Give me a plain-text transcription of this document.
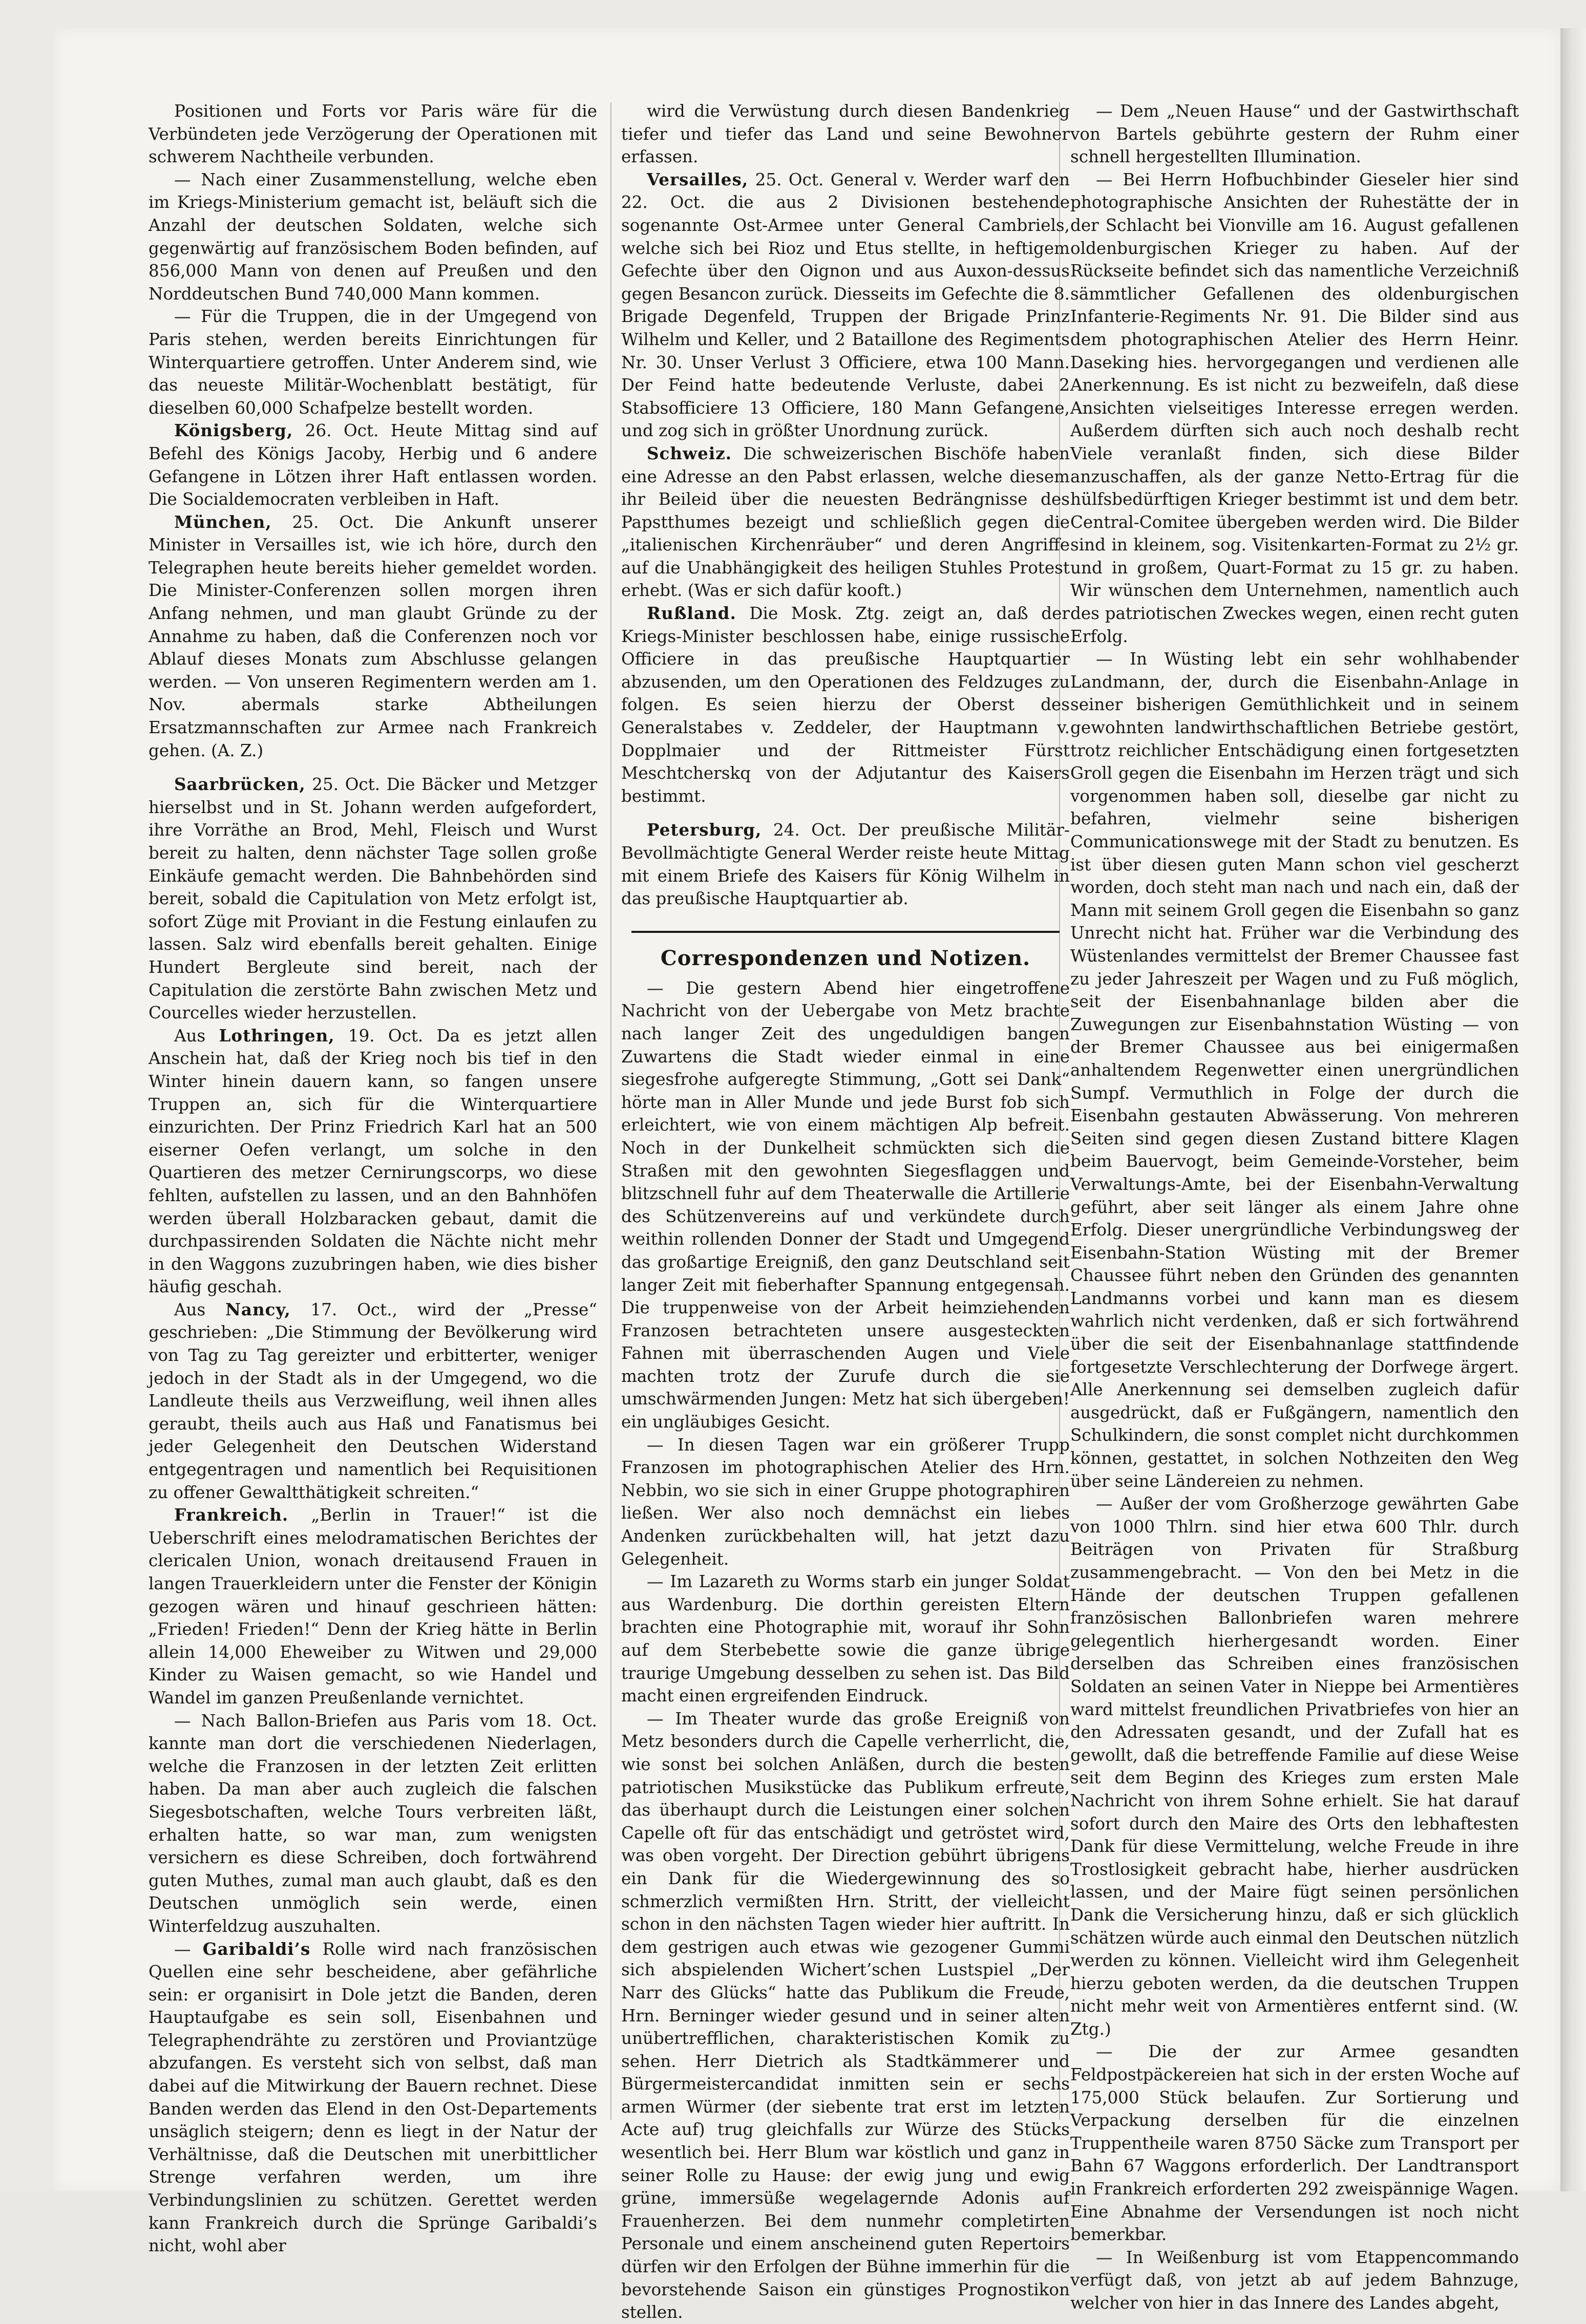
Positionen und Forts vor Paris wäre für die Verbündeten jede Verzögerung der Operationen mit schwerem Nachtheile verbunden.

— Nach einer Zusammenstellung, welche eben im Kriegs-Ministerium gemacht ist, beläuft sich die Anzahl der deutschen Soldaten, welche sich gegenwärtig auf französischem Boden befinden, auf 856,000 Mann von denen auf Preußen und den Norddeutschen Bund 740,000 Mann kommen.

— Für die Truppen, die in der Umgegend von Paris stehen, werden bereits Einrichtungen für Winterquartiere getroffen. Unter Anderem sind, wie das neueste Militär-Wochenblatt bestätigt, für dieselben 60,000 Schafpelze bestellt worden.

Königsberg, 26. Oct. Heute Mittag sind auf Befehl des Königs Jacoby, Herbig und 6 andere Gefangene in Lötzen ihrer Haft entlassen worden. Die Socialdemocraten verbleiben in Haft.

München, 25. Oct. Die Ankunft unserer Minister in Versailles ist, wie ich höre, durch den Telegraphen heute bereits hieher gemeldet worden. Die Minister-Conferenzen sollen morgen ihren Anfang nehmen, und man glaubt Gründe zu der Annahme zu haben, daß die Conferenzen noch vor Ablauf dieses Monats zum Abschlusse gelangen werden. — Von unseren Regimentern werden am 1. Nov. abermals starke Abtheilungen Ersatzmannschaften zur Armee nach Frankreich gehen. (A. Z.)

Saarbrücken, 25. Oct. Die Bäcker und Metzger hierselbst und in St. Johann werden aufgefordert, ihre Vorräthe an Brod, Mehl, Fleisch und Wurst bereit zu halten, denn nächster Tage sollen große Einkäufe gemacht werden. Die Bahnbehörden sind bereit, sobald die Capitulation von Metz erfolgt ist, sofort Züge mit Proviant in die Festung einlaufen zu lassen. Salz wird ebenfalls bereit gehalten. Einige Hundert Bergleute sind bereit, nach der Capitulation die zerstörte Bahn zwischen Metz und Courcelles wieder herzustellen.

Aus Lothringen, 19. Oct. Da es jetzt allen Anschein hat, daß der Krieg noch bis tief in den Winter hinein dauern kann, so fangen unsere Truppen an, sich für die Winterquartiere einzurichten. Der Prinz Friedrich Karl hat an 500 eiserner Oefen verlangt, um solche in den Quartieren des metzer Cernirungscorps, wo diese fehlten, aufstellen zu lassen, und an den Bahnhöfen werden überall Holzbaracken gebaut, damit die durchpassirenden Soldaten die Nächte nicht mehr in den Waggons zuzubringen haben, wie dies bisher häufig geschah.

Aus Nancy, 17. Oct., wird der „Presse“ geschrieben: „Die Stimmung der Bevölkerung wird von Tag zu Tag gereizter und erbitterter, weniger jedoch in der Stadt als in der Umgegend, wo die Landleute theils aus Verzweiflung, weil ihnen alles geraubt, theils auch aus Haß und Fanatismus bei jeder Gelegenheit den Deutschen Widerstand entgegentragen und namentlich bei Requisitionen zu offener Gewaltthätigkeit schreiten.“

Frankreich. „Berlin in Trauer!“ ist die Ueberschrift eines melodramatischen Berichtes der clericalen Union, wonach dreitausend Frauen in langen Trauerkleidern unter die Fenster der Königin gezogen wären und hinauf geschrieen hätten: „Frieden! Frieden!“ Denn der Krieg hätte in Berlin allein 14,000 Eheweiber zu Witwen und 29,000 Kinder zu Waisen gemacht, so wie Handel und Wandel im ganzen Preußenlande vernichtet.

— Nach Ballon-Briefen aus Paris vom 18. Oct. kannte man dort die verschiedenen Niederlagen, welche die Franzosen in der letzten Zeit erlitten haben. Da man aber auch zugleich die falschen Siegesbotschaften, welche Tours verbreiten läßt, erhalten hatte, so war man, zum wenigsten versichern es diese Schreiben, doch fortwährend guten Muthes, zumal man auch glaubt, daß es den Deutschen unmöglich sein werde, einen Winterfeldzug auszuhalten.

— Garibaldi’s Rolle wird nach französischen Quellen eine sehr bescheidene, aber gefährliche sein: er organisirt in Dole jetzt die Banden, deren Hauptaufgabe es sein soll, Eisenbahnen und Telegraphendrähte zu zerstören und Proviantzüge abzufangen. Es versteht sich von selbst, daß man dabei auf die Mitwirkung der Bauern rechnet. Diese Banden werden das Elend in den Ost-Departements unsäglich steigern; denn es liegt in der Natur der Verhältnisse, daß die Deutschen mit unerbittlicher Strenge verfahren werden, um ihre Verbindungslinien zu schützen. Gerettet werden kann Frankreich durch die Sprünge Garibaldi’s nicht, wohl aber

wird die Verwüstung durch diesen Bandenkrieg tiefer und tiefer das Land und seine Bewohner erfassen.

Versailles, 25. Oct. General v. Werder warf den 22. Oct. die aus 2 Divisionen bestehende sogenannte Ost-Armee unter General Cambriels, welche sich bei Rioz und Etus stellte, in heftigem Gefechte über den Oignon und aus Auxon-dessus gegen Besancon zurück. Diesseits im Gefechte die 8. Brigade Degenfeld, Truppen der Brigade Prinz Wilhelm und Keller, und 2 Bataillone des Regiments Nr. 30. Unser Verlust 3 Officiere, etwa 100 Mann. Der Feind hatte bedeutende Verluste, dabei 2 Stabsofficiere 13 Officiere, 180 Mann Gefangene, und zog sich in größter Unordnung zurück.

Schweiz. Die schweizerischen Bischöfe haben eine Adresse an den Pabst erlassen, welche diesem ihr Beileid über die neuesten Bedrängnisse des Papstthumes bezeigt und schließlich gegen die „italienischen Kirchenräuber“ und deren Angriffe auf die Unabhängigkeit des heiligen Stuhles Protest erhebt. (Was er sich dafür kooft.)

Rußland. Die Mosk. Ztg. zeigt an, daß der Kriegs-Minister beschlossen habe, einige russische Officiere in das preußische Hauptquartier abzusenden, um den Operationen des Feldzuges zu folgen. Es seien hierzu der Oberst des Generalstabes v. Zeddeler, der Hauptmann v. Dopplmaier und der Rittmeister Fürst Meschtcherskq von der Adjutantur des Kaisers bestimmt.

Petersburg, 24. Oct. Der preußische Militär-Bevollmächtigte General Werder reiste heute Mittag mit einem Briefe des Kaisers für König Wilhelm in das preußische Hauptquartier ab.

Correspondenzen und Notizen.

— Die gestern Abend hier eingetroffene Nachricht von der Uebergabe von Metz brachte nach langer Zeit des ungeduldigen bangen Zuwartens die Stadt wieder einmal in eine siegesfrohe aufgeregte Stimmung, „Gott sei Dank“ hörte man in Aller Munde und jede Burst fob sich erleichtert, wie von einem mächtigen Alp befreit. Noch in der Dunkelheit schmückten sich die Straßen mit den gewohnten Siegesflaggen und blitzschnell fuhr auf dem Theaterwalle die Artillerie des Schützenvereins auf und verkündete durch weithin rollenden Donner der Stadt und Umgegend das großartige Ereigniß, den ganz Deutschland seit langer Zeit mit fieberhafter Spannung entgegensah. Die truppenweise von der Arbeit heimziehenden Franzosen betrachteten unsere ausgesteckten Fahnen mit überraschenden Augen und Viele machten trotz der Zurufe durch die sie umschwärmenden Jungen: Metz hat sich übergeben! ein ungläubiges Gesicht.

— In diesen Tagen war ein größerer Trupp Franzosen im photographischen Atelier des Hrn. Nebbin, wo sie sich in einer Gruppe photographiren ließen. Wer also noch demnächst ein liebes Andenken zurückbehalten will, hat jetzt dazu Gelegenheit.

— Im Lazareth zu Worms starb ein junger Soldat aus Wardenburg. Die dorthin gereisten Eltern brachten eine Photographie mit, worauf ihr Sohn auf dem Sterbebette sowie die ganze übrige traurige Umgebung desselben zu sehen ist. Das Bild macht einen ergreifenden Eindruck.

— Im Theater wurde das große Ereigniß von Metz besonders durch die Capelle verherrlicht, die, wie sonst bei solchen Anläßen, durch die besten patriotischen Musikstücke das Publikum erfreute, das überhaupt durch die Leistungen einer solchen Capelle oft für das entschädigt und getröstet wird, was oben vorgeht. Der Direction gebührt übrigens ein Dank für die Wiedergewinnung des so schmerzlich vermißten Hrn. Stritt, der vielleicht schon in den nächsten Tagen wieder hier auftritt. In dem gestrigen auch etwas wie gezogener Gummi sich abspielenden Wichert’schen Lustspiel „Der Narr des Glücks“ hatte das Publikum die Freude, Hrn. Berninger wieder gesund und in seiner alten unübertrefflichen, charakteristischen Komik zu sehen. Herr Dietrich als Stadtkämmerer und Bürgermeistercandidat inmitten sein er sechs armen Würmer (der siebente trat erst im letzten Acte auf) trug gleichfalls zur Würze des Stücks wesentlich bei. Herr Blum war köstlich und ganz in seiner Rolle zu Hause: der ewig jung und ewig grüne, immersüße wegelagernde Adonis auf Frauenherzen. Bei dem nunmehr completirten Personale und einem anscheinend guten Repertoirs dürfen wir den Erfolgen der Bühne immerhin für die bevorstehende Saison ein günstiges Prognostikon stellen.

— Dem „Neuen Hause“ und der Gastwirthschaft von Bartels gebührte gestern der Ruhm einer schnell hergestellten Illumination.

— Bei Herrn Hofbuchbinder Gieseler hier sind photographische Ansichten der Ruhestätte der in der Schlacht bei Vionville am 16. August gefallenen oldenburgischen Krieger zu haben. Auf der Rückseite befindet sich das namentliche Verzeichniß sämmtlicher Gefallenen des oldenburgischen Infanterie-Regiments Nr. 91. Die Bilder sind aus dem photographischen Atelier des Herrn Heinr. Daseking hies. hervorgegangen und verdienen alle Anerkennung. Es ist nicht zu bezweifeln, daß diese Ansichten vielseitiges Interesse erregen werden. Außerdem dürften sich auch noch deshalb recht Viele veranlaßt finden, sich diese Bilder anzuschaffen, als der ganze Netto-Ertrag für die hülfsbedürftigen Krieger bestimmt ist und dem betr. Central-Comitee übergeben werden wird. Die Bilder sind in kleinem, sog. Visitenkarten-Format zu 2½ gr. und in großem, Quart-Format zu 15 gr. zu haben. Wir wünschen dem Unternehmen, namentlich auch des patriotischen Zweckes wegen, einen recht guten Erfolg.

— In Wüsting lebt ein sehr wohlhabender Landmann, der, durch die Eisenbahn-Anlage in seiner bisherigen Gemüthlichkeit und in seinem gewohnten landwirthschaftlichen Betriebe gestört, trotz reichlicher Entschädigung einen fortgesetzten Groll gegen die Eisenbahn im Herzen trägt und sich vorgenommen haben soll, dieselbe gar nicht zu befahren, vielmehr seine bisherigen Communicationswege mit der Stadt zu benutzen. Es ist über diesen guten Mann schon viel gescherzt worden, doch steht man nach und nach ein, daß der Mann mit seinem Groll gegen die Eisenbahn so ganz Unrecht nicht hat. Früher war die Verbindung des Wüstenlandes vermittelst der Bremer Chaussee fast zu jeder Jahreszeit per Wagen und zu Fuß möglich, seit der Eisenbahnanlage bilden aber die Zuwegungen zur Eisenbahnstation Wüsting — von der Bremer Chaussee aus bei einigermaßen anhaltendem Regenwetter einen unergründlichen Sumpf. Vermuthlich in Folge der durch die Eisenbahn gestauten Abwässerung. Von mehreren Seiten sind gegen diesen Zustand bittere Klagen beim Bauervogt, beim Gemeinde-Vorsteher, beim Verwaltungs-Amte, bei der Eisenbahn-Verwaltung geführt, aber seit länger als einem Jahre ohne Erfolg. Dieser unergründliche Verbindungsweg der Eisenbahn-Station Wüsting mit der Bremer Chaussee führt neben den Gründen des genannten Landmanns vorbei und kann man es diesem wahrlich nicht verdenken, daß er sich fortwährend über die seit der Eisenbahnanlage stattfindende fortgesetzte Verschlechterung der Dorfwege ärgert. Alle Anerkennung sei demselben zugleich dafür ausgedrückt, daß er Fußgängern, namentlich den Schulkindern, die sonst complet nicht durchkommen können, gestattet, in solchen Nothzeiten den Weg über seine Ländereien zu nehmen.

— Außer der vom Großherzoge gewährten Gabe von 1000 Thlrn. sind hier etwa 600 Thlr. durch Beiträgen von Privaten für Straßburg zusammengebracht. — Von den bei Metz in die Hände der deutschen Truppen gefallenen französischen Ballonbriefen waren mehrere gelegentlich hierhergesandt worden. Einer derselben das Schreiben eines französischen Soldaten an seinen Vater in Nieppe bei Armentières ward mittelst freundlichen Privatbriefes von hier an den Adressaten gesandt, und der Zufall hat es gewollt, daß die betreffende Familie auf diese Weise seit dem Beginn des Krieges zum ersten Male Nachricht von ihrem Sohne erhielt. Sie hat darauf sofort durch den Maire des Orts den lebhaftesten Dank für diese Vermittelung, welche Freude in ihre Trostlosigkeit gebracht habe, hierher ausdrücken lassen, und der Maire fügt seinen persönlichen Dank die Versicherung hinzu, daß er sich glücklich schätzen würde auch einmal den Deutschen nützlich werden zu können. Vielleicht wird ihm Gelegenheit hierzu geboten werden, da die deutschen Truppen nicht mehr weit von Armentières entfernt sind. (W. Ztg.)

— Die der zur Armee gesandten Feldpostpäckereien hat sich in der ersten Woche auf 175,000 Stück belaufen. Zur Sortierung und Verpackung derselben für die einzelnen Truppentheile waren 8750 Säcke zum Transport per Bahn 67 Waggons erforderlich. Der Landtransport in Frankreich erforderten 292 zweispännige Wagen. Eine Abnahme der Versendungen ist noch nicht bemerkbar.

— In Weißenburg ist vom Etappencommando verfügt daß, von jetzt ab auf jedem Bahnzuge, welcher von hier in das Innere des Landes abgeht,
